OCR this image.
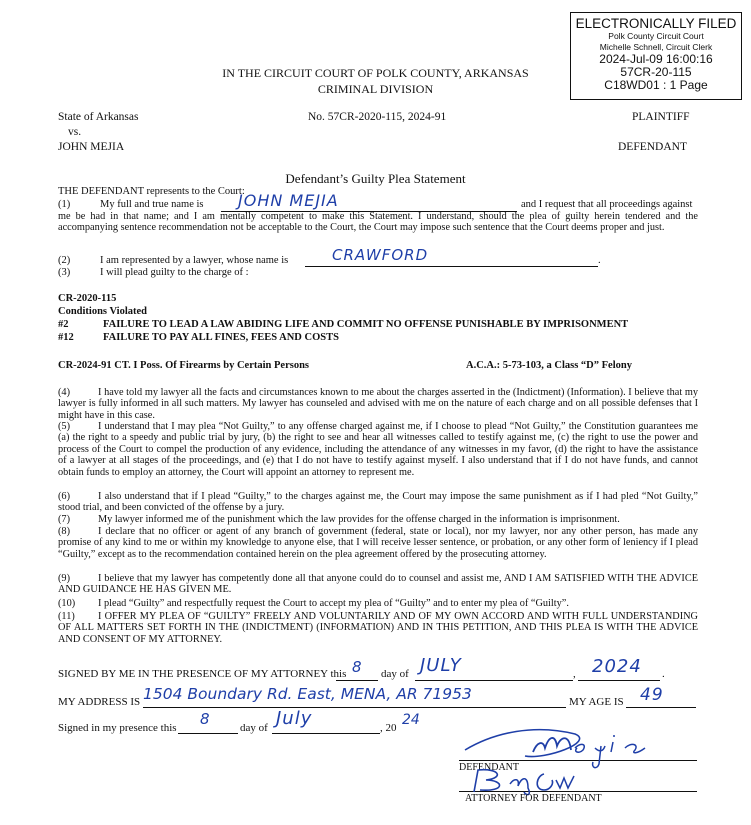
ELECTRONICALLY FILED
Polk County Circuit Court
Michelle Schnell, Circuit Clerk
2024-Jul-09 16:00:16
57CR-20-115
C18WD01 : 1 Page
IN THE CIRCUIT COURT OF POLK COUNTY, ARKANSAS
CRIMINAL DIVISION
State of Arkansas
vs.
JOHN MEJIA
No. 57CR-2020-115, 2024-91	PLAINTIFF
DEFENDANT
Defendant’s Guilty Plea Statement
THE DEFENDANT represents to the Court:
(1)	My full and true name is JOHN MEJIA	and I request that all proceedings against
me be had in that name; and I am mentally competent to make this Statement. I understand, should the plea of guilty herein tendered and the accompanying sentence recommendation not be acceptable to the Court, the Court may impose such sentence that the Court deems proper and just.
(2)	I am represented by a lawyer, whose name is	CRAWFORD	.
(3)	I will plead guilty to the charge of :
CR-2020-115
Conditions Violated
#2	FAILURE TO LEAD A LAW ABIDING LIFE AND COMMIT NO OFFENSE PUNISHABLE BY IMPRISONMENT
#12	FAILURE TO PAY ALL FINES, FEES AND COSTS
CR-2024-91 CT. I Poss. Of Firearms by Certain Persons	A.C.A.: 5-73-103, a Class “D” Felony
(4)	I have told my lawyer all the facts and circumstances known to me about the charges asserted in the (Indictment) (Information). I believe that my lawyer is fully informed in all such matters. My lawyer has counseled and advised with me on the nature of each charge and on all possible defenses that I might have in this case.
(5)	I understand that I may plea “Not Guilty,” to any offense charged against me, if I choose to plead “Not Guilty,” the Constitution guarantees me (a) the right to a speedy and public trial by jury, (b) the right to see and hear all witnesses called to testify against me, (c) the right to use the power and process of the Court to compel the production of any evidence, including the attendance of any witnesses in my favor, (d) the right to have the assistance of a lawyer at all stages of the proceedings, and (e) that I do not have to testify against myself. I also understand that if I do not have funds, and cannot obtain funds to employ an attorney, the Court will appoint an attorney to represent me.
(6)	I also understand that if I plead “Guilty,” to the charges against me, the Court may impose the same punishment as if I had pled “Not Guilty,” stood trial, and been convicted of the offense by a jury.
(7)	My lawyer informed me of the punishment which the law provides for the offense charged in the information is imprisonment.
(8)	I declare that no officer or agent of any branch of government (federal, state or local), nor my lawyer, nor any other person, has made any promise of any kind to me or within my knowledge to anyone else, that I will receive lesser sentence, or probation, or any other form of leniency if I plead “Guilty,” except as to the recommendation contained herein on the plea agreement offered by the prosecuting attorney.
(9)	I believe that my lawyer has competently done all that anyone could do to counsel and assist me, AND I AM SATISFIED WITH THE ADVICE AND GUIDANCE HE HAS GIVEN ME.
(10) I plead “Guilty” and respectfully request the Court to accept my plea of “Guilty” and to enter my plea of “Guilty”.
(11) I OFFER MY PLEA OF “GUILTY” FREELY AND VOLUNTARILY AND OF MY OWN ACCORD AND WITH FULL UNDERSTANDING OF ALL MATTERS SET FORTH IN THE (INDICTMENT) (INFORMATION) AND IN THIS PETITION, AND THIS PLEA IS WITH THE ADVICE AND CONSENT OF MY ATTORNEY.
SIGNED BY ME IN THE PRESENCE OF MY ATTORNEY this 8 day of JULY	, 2024 .
MY ADDRESS IS 1504 Boundary Rd. East, MENA, AR 71953	MY AGE IS 49
Signed in my presence this 8	day of July	, 20 24
DEFENDANT
ATTORNEY FOR DEFENDANT
